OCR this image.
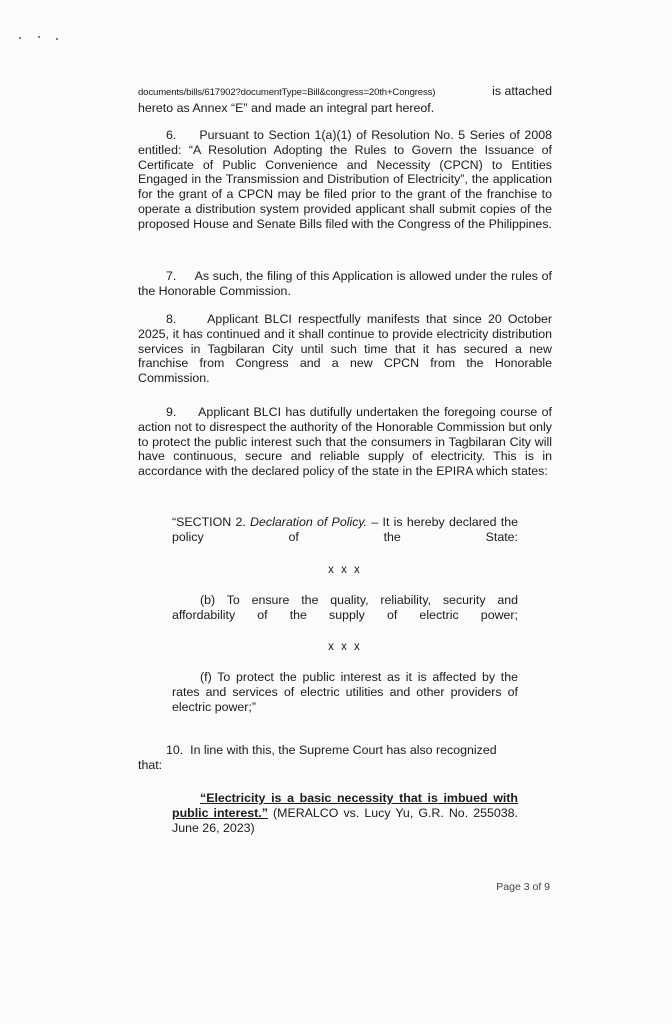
documents/bills/617902?documentType=Bill&congress=20th+Congress)	is attached
hereto as Annex “E” and made an integral part hereof.
6. Pursuant to Section 1(a)(1) of Resolution No. 5 Series of 2008 entitled: “A Resolution Adopting the Rules to Govern the Issuance of Certificate of Public Convenience and Necessity (CPCN) to Entities Engaged in the Transmission and Distribution of Electricity”, the application for the grant of a CPCN may be filed prior to the grant of the franchise to operate a distribution system provided applicant shall submit copies of the proposed House and Senate Bills filed with the Congress of the Philippines.
7. As such, the filing of this Application is allowed under the rules of the Honorable Commission.
8. Applicant BLCI respectfully manifests that since 20 October 2025, it has continued and it shall continue to provide electricity distribution services in Tagbilaran City until such time that it has secured a new franchise from Congress and a new CPCN from the Honorable Commission.
9. Applicant BLCI has dutifully undertaken the foregoing course of action not to disrespect the authority of the Honorable Commission but only to protect the public interest such that the consumers in Tagbilaran City will have continuous, secure and reliable supply of electricity. This is in accordance with the declared policy of the state in the EPIRA which states:
“SECTION 2. Declaration of Policy. – It is hereby declared the policy of the State:
x x x
(b) To ensure the quality, reliability, security and affordability of the supply of electric power;
x x x
(f) To protect the public interest as it is affected by the rates and services of electric utilities and other providers of electric power;”
10. In line with this, the Supreme Court has also recognized
that:
“Electricity is a basic necessity that is imbued with public interest.” (MERALCO vs. Lucy Yu, G.R. No. 255038. June 26, 2023)
Page 3 of 9
